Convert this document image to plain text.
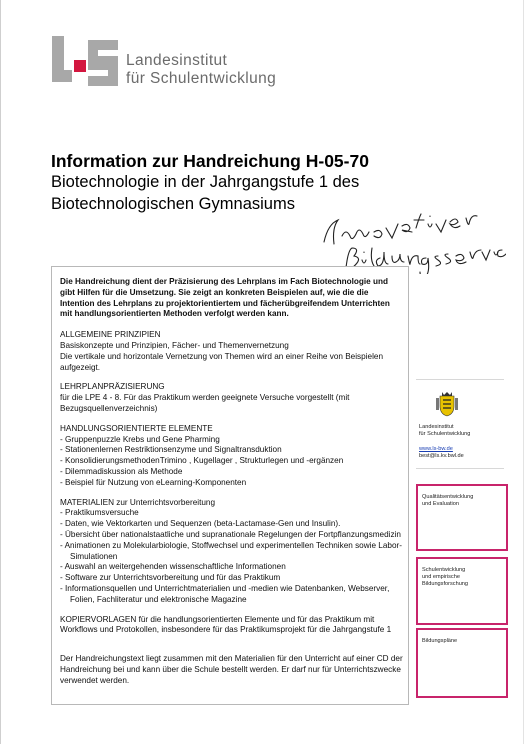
Landesinstitut
für Schulentwicklung
Information zur Handreichung H-05-70
Biotechnologie in der Jahrgangstufe 1 des
Biotechnologischen Gymnasiums

Die Handreichung dient der Präzisierung des Lehrplans im Fach Biotechnologie und gibt Hilfen für die Umsetzung. Sie zeigt an konkreten Beispielen auf, wie die die Intention des Lehrplans zu projektorientiertem und fächerübgreifendem Unterrichten mit handlungsorientierten Methoden verfolgt werden kann.

ALLGEMEINE PRINZIPIEN

Basiskonzepte und Prinzipien, Fächer- und Themenvernetzung

Die vertikale und horizontale Vernetzung von Themen wird an einer Reihe von Beispielen aufgezeigt.

LEHRPLANPRÄZISIERUNG

für die LPE 4 - 8. Für das Praktikum werden geeignete Versuche vorgestellt (mit Bezugsquellenverzeichnis)

HANDLUNGSORIENTIERTE ELEMENTE

- Gruppenpuzzle Krebs und Gene Pharming
- Stationenlernen Restriktionsenzyme und Signaltransduktion
- KonsolidierungsmethodenTrimino , Kugellager , Strukturlegen und -ergänzen
- Dilemmadiskussion als Methode
- Beispiel für Nutzung von eLearning-Komponenten

MATERIALIEN zur Unterrichtsvorbereitung

- Praktikumsversuche
- Daten, wie Vektorkarten und Sequenzen (beta-Lactamase-Gen und Insulin).
- Übersicht über nationalstaatliche und supranationale Regelungen der Fortpflanzungsmedizin
- Animationen zu Molekularbiologie, Stoffwechsel und experimentellen Techniken sowie Labor-Simulationen
- Auswahl an weitergehenden wissenschaftliche Informationen
- Software zur Unterrichtsvorbereitung und für das Praktikum
- Informationsquellen und Unterrichtmaterialien und -medien wie Datenbanken, Webserver, Folien, Fachliteratur und elektronische Magazine

KOPIERVORLAGEN für die handlungsorientierten Elemente und für das Praktikum mit Workflows und Protokollen, insbesondere für das Praktikumsprojekt für die Jahrgangstufe 1

Der Handreichungstext liegt zusammen mit den Materialien für den Unterricht auf einer CD der Handreichung bei und kann über die Schule bestellt werden. Er darf nur für Unterrichtszwecke verwendet werden.

Landesinstitut
für Schulentwicklung
www.ls-bw.de
best@ls.kv.bwl.de
Qualitätsentwicklung
und Evaluation
Schulentwicklung
und empirische
Bildungsforschung
Bildungspläne
